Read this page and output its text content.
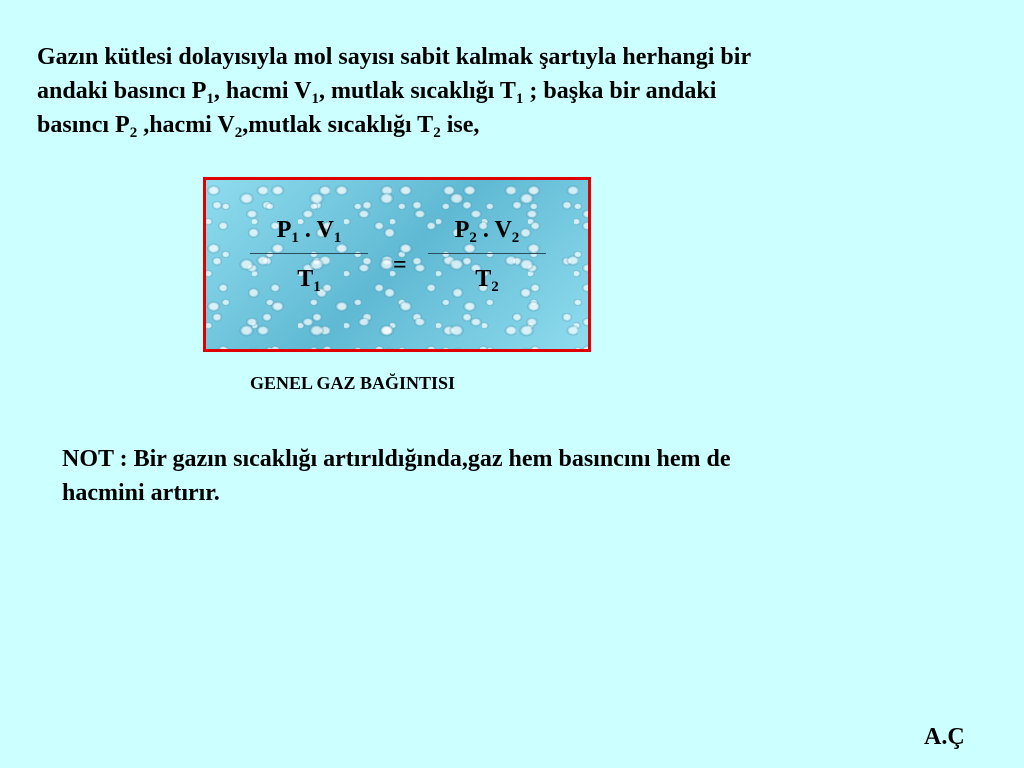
Gazın kütlesi dolayısıyla mol sayısı sabit kalmak şartıyla herhangi bir

andaki basıncı $P_1$, hacmi $V_1$, mutlak sıcaklığı $T_1$ ; başka bir andaki

basıncı $P_2$ ,hacmi $V_2,mutlak$ sıcaklığı $T_2$ ise,

$P_1$ . $V_1$
$T_1$
=
$P_2$ . $V_2$
$T_2$
GENEL GAZ BAĞINTISI

NOT : Bir gazın sıcaklığı artırıldığında,gaz hem basıncını hem de

hacmini artırır.

A.Ç
